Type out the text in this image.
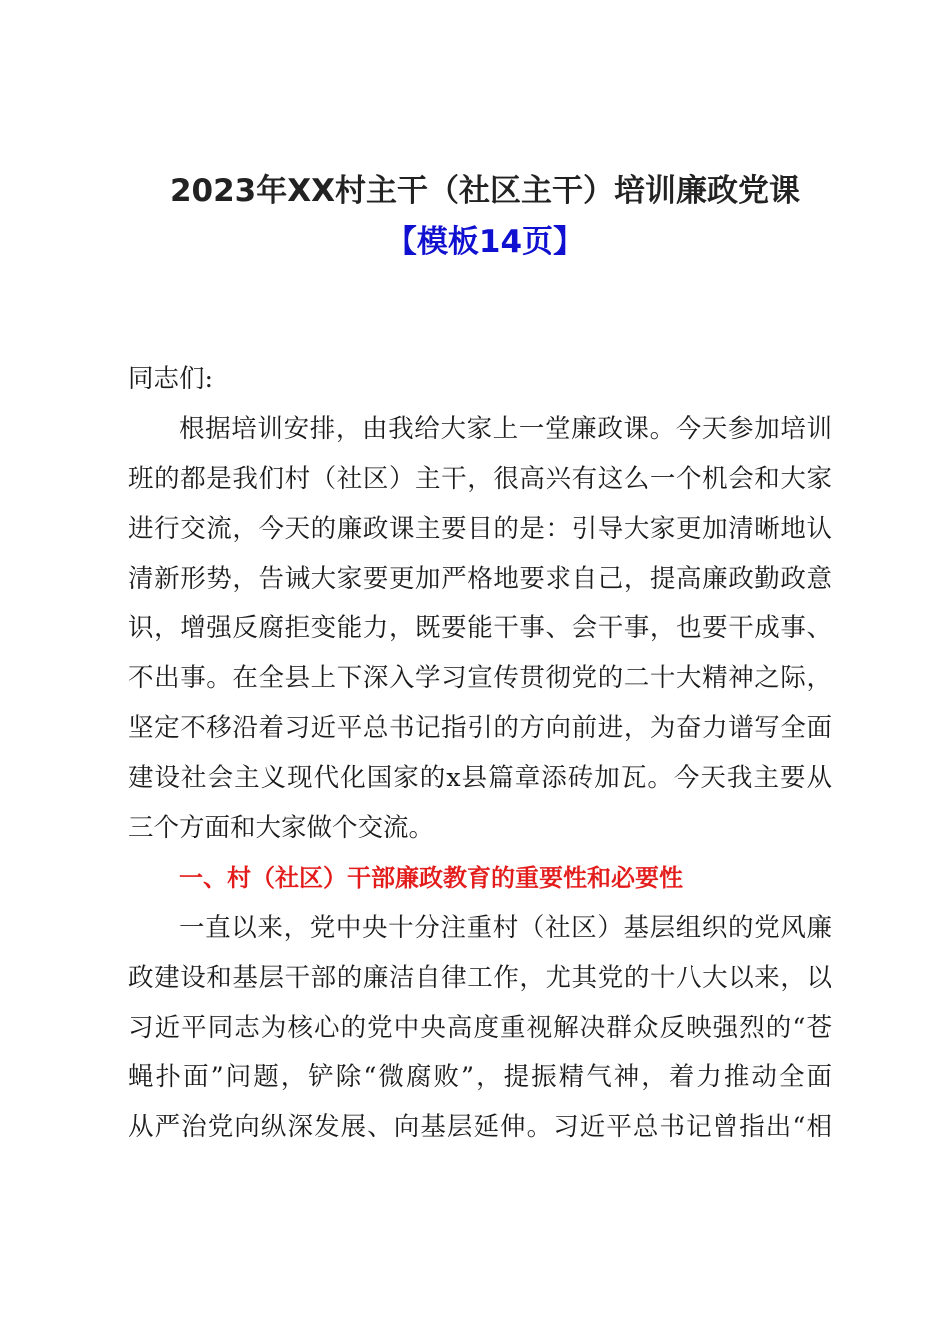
2023年XX村主干（社区主干）培训廉政党课
【模板14页】
同志们:
根据培训安排，由我给大家上一堂廉政课。今天参加培训
班的都是我们村（社区）主干，很高兴有这么一个机会和大家
进行交流，今天的廉政课主要目的是：引导大家更加清晰地认
清新形势，告诫大家要更加严格地要求自己，提高廉政勤政意
识，增强反腐拒变能力，既要能干事、会干事，也要干成事、
不出事。在全县上下深入学习宣传贯彻党的二十大精神之际，
坚定不移沿着习近平总书记指引的方向前进，为奋力谱写全面
建设社会主义现代化国家的x县篇章添砖加瓦。今天我主要从
三个方面和大家做个交流。
一、村（社区）干部廉政教育的重要性和必要性
一直以来，党中央十分注重村（社区）基层组织的党风廉
政建设和基层干部的廉洁自律工作，尤其党的十八大以来，以
习近平同志为核心的党中央高度重视解决群众反映强烈的“苍
蝇扑面”问题，铲除“微腐败”，提振精气神，着力推动全面
从严治党向纵深发展、向基层延伸。习近平总书记曾指出“相
